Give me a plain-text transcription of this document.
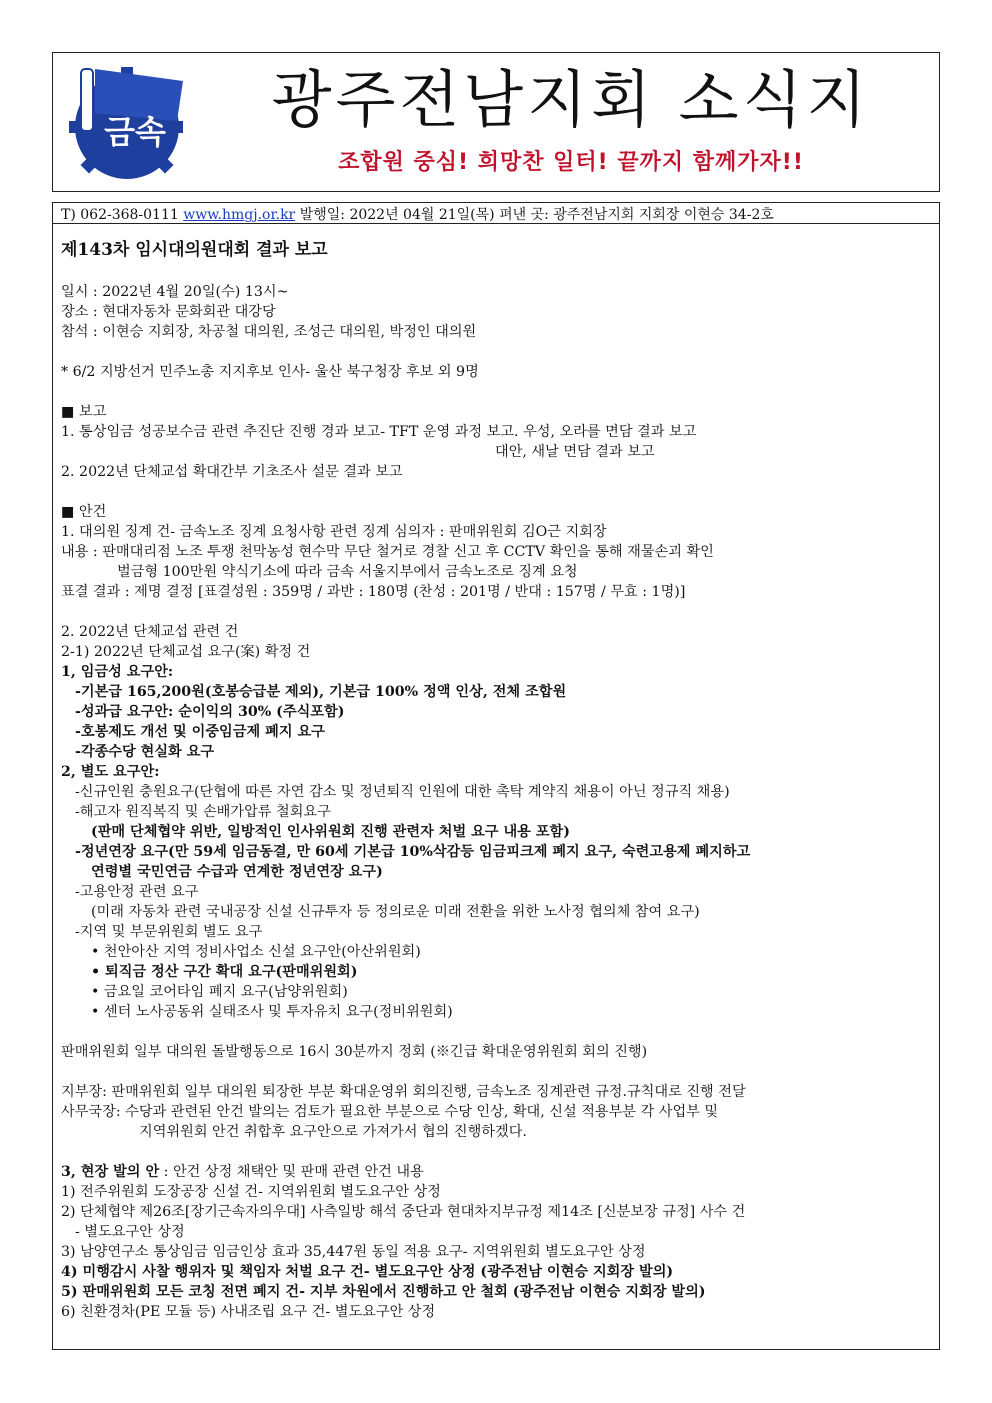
금속	광주전남지회 소식지
조합원 중심! 희망찬 일터! 끝까지 함께가자!!
T) 062-368-0111 www.hmgj.or.kr 발행일: 2022년 04월 21일(목) 펴낸 곳: 광주전남지회 지회장 이현승 34-2호
제143차 임시대의원대회 결과 보고
일시 : 2022년 4월 20일(수) 13시~
장소 : 현대자동차 문화회관 대강당
참석 : 이현승 지회장, 차공철 대의원, 조성근 대의원, 박정인 대의원
* 6/2 지방선거 민주노총 지지후보 인사- 울산 북구청장 후보 외 9명
■ 보고
1. 통상임금 성공보수금 관련 추진단 진행 경과 보고- TFT 운영 과정 보고. 우성, 오라를 면담 결과 보고
대안, 새날 면담 결과 보고
2. 2022년 단체교섭 확대간부 기초조사 설문 결과 보고
■ 안건
1. 대의원 징계 건- 금속노조 징계 요청사항 관련 징계 심의자 : 판매위원회 김O근 지회장
내용 : 판매대리점 노조 투쟁 천막농성 현수막 무단 철거로 경찰 신고 후 CCTV 확인을 통해 재물손괴 확인
벌금형 100만원 약식기소에 따라 금속 서울지부에서 금속노조로 징계 요청
표결 결과 : 제명 결정 [표결성원 : 359명 / 과반 : 180명 (찬성 : 201명 / 반대 : 157명 / 무효 : 1명)]
2. 2022년 단체교섭 관련 건
2-1) 2022년 단체교섭 요구(案) 확정 건
1, 임금성 요구안:
-기본급 165,200원(호봉승급분 제외), 기본급 100% 정액 인상, 전체 조합원
-성과급 요구안: 순이익의 30% (주식포함)
-호봉제도 개선 및 이중임금제 폐지 요구
-각종수당 현실화 요구
2, 별도 요구안:
-신규인원 충원요구(단협에 따른 자연 감소 및 정년퇴직 인원에 대한 촉탁 계약직 채용이 아닌 정규직 채용)
-해고자 원직복직 및 손배가압류 철회요구
(판매 단체협약 위반, 일방적인 인사위원회 진행 관련자 처벌 요구 내용 포함)
-정년연장 요구(만 59세 임금동결, 만 60세 기본급 10%삭감등 임금피크제 폐지 요구, 숙련고용제 폐지하고
연령별 국민연금 수급과 연계한 정년연장 요구)
-고용안정 관련 요구
(미래 자동차 관련 국내공장 신설 신규투자 등 정의로운 미래 전환을 위한 노사정 협의체 참여 요구)
-지역 및 부문위원회 별도 요구
• 천안아산 지역 정비사업소 신설 요구안(아산위원회)
• 퇴직금 정산 구간 확대 요구(판매위원회)
• 금요일 코어타임 폐지 요구(남양위원회)
• 센터 노사공동위 실태조사 및 투자유치 요구(정비위원회)
판매위원회 일부 대의원 돌발행동으로 16시 30분까지 정회 (※긴급 확대운영위원회 회의 진행)
지부장: 판매위원회 일부 대의원 퇴장한 부분 확대운영위 회의진행, 금속노조 징계관련 규정.규칙대로 진행 전달
사무국장: 수당과 관련된 안건 발의는 검토가 필요한 부분으로 수당 인상, 확대, 신설 적용부분 각 사업부 및
지역위원회 안건 취합후 요구안으로 가져가서 협의 진행하겠다.
3, 현장 발의 안 : 안건 상정 채택안 및 판매 관련 안건 내용
1) 전주위원회 도장공장 신설 건- 지역위원회 별도요구안 상정
2) 단체협약 제26조[장기근속자의우대] 사측일방 해석 중단과 현대차지부규정 제14조 [신분보장 규정] 사수 건
- 별도요구안 상정
3) 남양연구소 통상임금 임금인상 효과 35,447원 동일 적용 요구- 지역위원회 별도요구안 상정
4) 미행감시 사찰 행위자 및 책임자 처벌 요구 건- 별도요구안 상정 (광주전남 이현승 지회장 발의)
5) 판매위원회 모든 코칭 전면 폐지 건- 지부 차원에서 진행하고 안 철회 (광주전남 이현승 지회장 발의)
6) 친환경차(PE 모듈 등) 사내조립 요구 건- 별도요구안 상정
